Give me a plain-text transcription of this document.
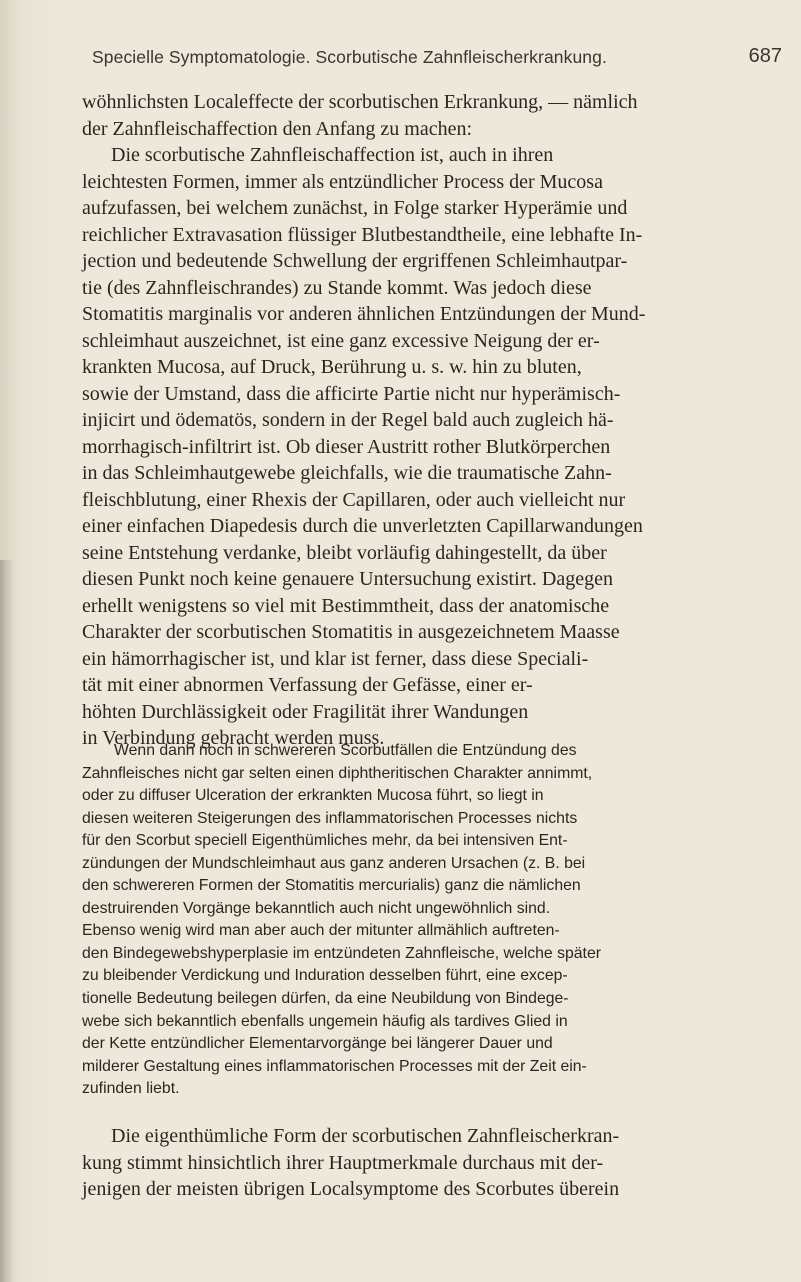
Specielle Symptomatologie. Scorbutische Zahnfleischerkrankung.	687
wöhnlichsten Localeffecte der scorbutischen Erkrankung, — nämlich
der Zahnfleischaffection den Anfang zu machen:
Die scorbutische Zahnfleischaffection ist, auch in ihren
leichtesten Formen, immer als entzündlicher Process der Mucosa
aufzufassen, bei welchem zunächst, in Folge starker Hyperämie und
reichlicher Extravasation flüssiger Blutbestandtheile, eine lebhafte In-
jection und bedeutende Schwellung der ergriffenen Schleimhautpar-
tie (des Zahnfleischrandes) zu Stande kommt. Was jedoch diese
Stomatitis marginalis vor anderen ähnlichen Entzündungen der Mund-
schleimhaut auszeichnet, ist eine ganz excessive Neigung der er-
krankten Mucosa, auf Druck, Berührung u. s. w. hin zu bluten,
sowie der Umstand, dass die afficirte Partie nicht nur hyperämisch-
injicirt und ödematös, sondern in der Regel bald auch zugleich hä-
morrhagisch-infiltrirt ist. Ob dieser Austritt rother Blutkörperchen
in das Schleimhautgewebe gleichfalls, wie die traumatische Zahn-
fleischblutung, einer Rhexis der Capillaren, oder auch vielleicht nur
einer einfachen Diapedesis durch die unverletzten Capillarwandungen
seine Entstehung verdanke, bleibt vorläufig dahingestellt, da über
diesen Punkt noch keine genauere Untersuchung existirt. Dagegen
erhellt wenigstens so viel mit Bestimmtheit, dass der anatomische
Charakter der scorbutischen Stomatitis in ausgezeichnetem Maasse
ein hämorrhagischer ist, und klar ist ferner, dass diese Speciali-
tät mit einer abnormen Verfassung der Gefässe, einer er-
höhten Durchlässigkeit oder Fragilität ihrer Wandungen
in Verbindung gebracht werden muss.
Wenn dann noch in schwereren Scorbutfällen die Entzündung des
Zahnfleisches nicht gar selten einen diphtheritischen Charakter annimmt,
oder zu diffuser Ulceration der erkrankten Mucosa führt, so liegt in
diesen weiteren Steigerungen des inflammatorischen Processes nichts
für den Scorbut speciell Eigenthümliches mehr, da bei intensiven Ent-
zündungen der Mundschleimhaut aus ganz anderen Ursachen (z. B. bei
den schwereren Formen der Stomatitis mercurialis) ganz die nämlichen
destruirenden Vorgänge bekanntlich auch nicht ungewöhnlich sind.
Ebenso wenig wird man aber auch der mitunter allmählich auftreten-
den Bindegewebshyperplasie im entzündeten Zahnfleische, welche später
zu bleibender Verdickung und Induration desselben führt, eine excep-
tionelle Bedeutung beilegen dürfen, da eine Neubildung von Bindege-
webe sich bekanntlich ebenfalls ungemein häufig als tardives Glied in
der Kette entzündlicher Elementarvorgänge bei längerer Dauer und
milderer Gestaltung eines inflammatorischen Processes mit der Zeit ein-
zufinden liebt.
Die eigenthümliche Form der scorbutischen Zahnfleischerkran-
kung stimmt hinsichtlich ihrer Hauptmerkmale durchaus mit der-
jenigen der meisten übrigen Localsymptome des Scorbutes überein
